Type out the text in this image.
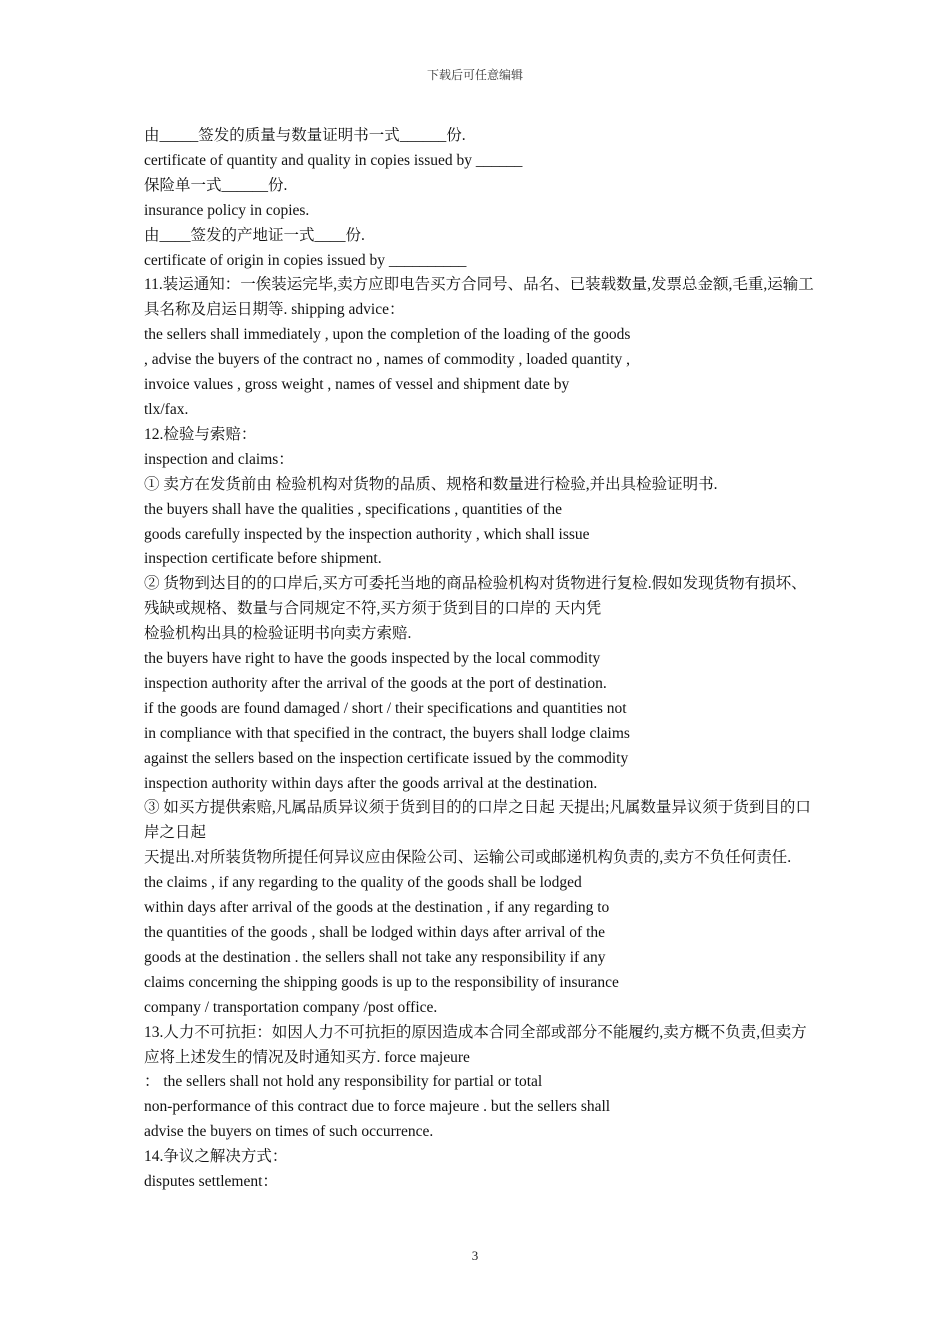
下载后可任意编辑
由_____签发的质量与数量证明书一式______份.
certificate of quantity and quality in copies issued by ______
保险单一式______份.
insurance policy in copies.
由____签发的产地证一式____份.
certificate of origin in copies issued by __________
11.装运通知：一俟装运完毕,卖方应即电告买方合同号、品名、已装载数量,发票总金额,毛重,运输工具名称及启运日期等. shipping advice：
the sellers shall immediately , upon the completion of the loading of the goods
, advise the buyers of the contract no , names of commodity , loaded quantity ,
invoice values , gross weight , names of vessel and shipment date by
tlx/fax.
12.检验与索赔：
inspection and claims：
① 卖方在发货前由 检验机构对货物的品质、规格和数量进行检验,并出具检验证明书.
the buyers shall have the qualities , specifications , quantities of the
goods carefully inspected by the inspection authority , which shall issue
inspection certificate before shipment.
② 货物到达目的的口岸后,买方可委托当地的商品检验机构对货物进行复检.假如发现货物有损坏、残缺或规格、数量与合同规定不符,买方须于货到目的口岸的 天内凭
检验机构出具的检验证明书向卖方索赔.
the buyers have right to have the goods inspected by the local commodity
inspection authority after the arrival of the goods at the port of destination.
if the goods are found damaged / short / their specifications and quantities not
in compliance with that specified in the contract, the buyers shall lodge claims
against the sellers based on the inspection certificate issued by the commodity
inspection authority within days after the goods arrival at the destination.
③ 如买方提供索赔,凡属品质异议须于货到目的的口岸之日起 天提出;凡属数量异议须于货到目的口岸之日起
天提出.对所装货物所提任何异议应由保险公司、运输公司或邮递机构负责的,卖方不负任何责任.
the claims , if any regarding to the quality of the goods shall be lodged
within days after arrival of the goods at the destination , if any regarding to
the quantities of the goods , shall be lodged within days after arrival of the
goods at the destination . the sellers shall not take any responsibility if any
claims concerning the shipping goods is up to the responsibility of insurance
company / transportation company /post office.
13.人力不可抗拒：如因人力不可抗拒的原因造成本合同全部或部分不能履约,卖方概不负责,但卖方应将上述发生的情况及时通知买方. force majeure
： the sellers shall not hold any responsibility for partial or total
non-performance of this contract due to force majeure . but the sellers shall
advise the buyers on times of such occurrence.
14.争议之解决方式：
disputes settlement：
3
